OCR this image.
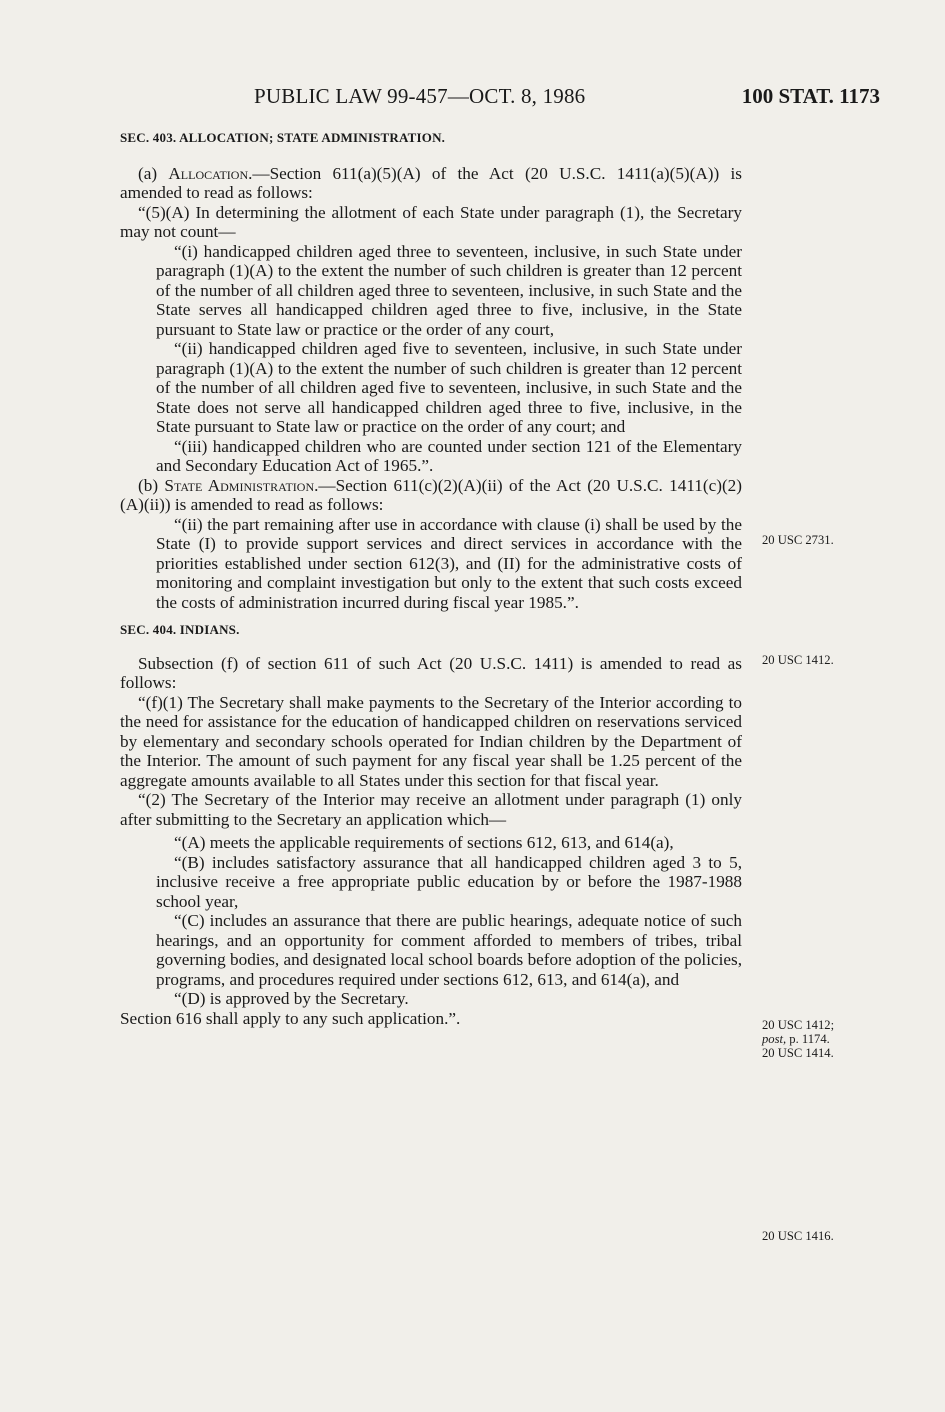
PUBLIC LAW 99-457—OCT. 8, 1986	100 STAT. 1173

SEC. 403. ALLOCATION; STATE ADMINISTRATION.

(a) Allocation.—Section 611(a)(5)(A) of the Act (20 U.S.C. 1411(a)(5)(A)) is amended to read as follows:

“(5)(A) In determining the allotment of each State under paragraph (1), the Secretary may not count—

“(i) handicapped children aged three to seventeen, inclusive, in such State under paragraph (1)(A) to the extent the number of such children is greater than 12 percent of the number of all children aged three to seventeen, inclusive, in such State and the State serves all handicapped children aged three to five, inclusive, in the State pursuant to State law or practice or the order of any court,

“(ii) handicapped children aged five to seventeen, inclusive, in such State under paragraph (1)(A) to the extent the number of such children is greater than 12 percent of the number of all children aged five to seventeen, inclusive, in such State and the State does not serve all handicapped children aged three to five, inclusive, in the State pursuant to State law or practice on the order of any court; and

“(iii) handicapped children who are counted under section 121 of the Elementary and Secondary Education Act of 1965.”.

(b) State Administration.—Section 611(c)(2)(A)(ii) of the Act (20 U.S.C. 1411(c)(2)(A)(ii)) is amended to read as follows:

“(ii) the part remaining after use in accordance with clause (i) shall be used by the State (I) to provide support services and direct services in accordance with the priorities established under section 612(3), and (II) for the administrative costs of monitoring and complaint investigation but only to the extent that such costs exceed the costs of administration incurred during fiscal year 1985.”.

SEC. 404. INDIANS.

Subsection (f) of section 611 of such Act (20 U.S.C. 1411) is amended to read as follows:

“(f)(1) The Secretary shall make payments to the Secretary of the Interior according to the need for assistance for the education of handicapped children on reservations serviced by elementary and secondary schools operated for Indian children by the Department of the Interior. The amount of such payment for any fiscal year shall be 1.25 percent of the aggregate amounts available to all States under this section for that fiscal year.

“(2) The Secretary of the Interior may receive an allotment under paragraph (1) only after submitting to the Secretary an application which—

“(A) meets the applicable requirements of sections 612, 613, and 614(a),

“(B) includes satisfactory assurance that all handicapped children aged 3 to 5, inclusive receive a free appropriate public education by or before the 1987-1988 school year,

“(C) includes an assurance that there are public hearings, adequate notice of such hearings, and an opportunity for comment afforded to members of tribes, tribal governing bodies, and designated local school boards before adoption of the policies, programs, and procedures required under sections 612, 613, and 614(a), and

“(D) is approved by the Secretary.

Section 616 shall apply to any such application.”.

20 USC 2731.
20 USC 1412.
20 USC 1412;
post, p. 1174.
20 USC 1414.
20 USC 1416.
